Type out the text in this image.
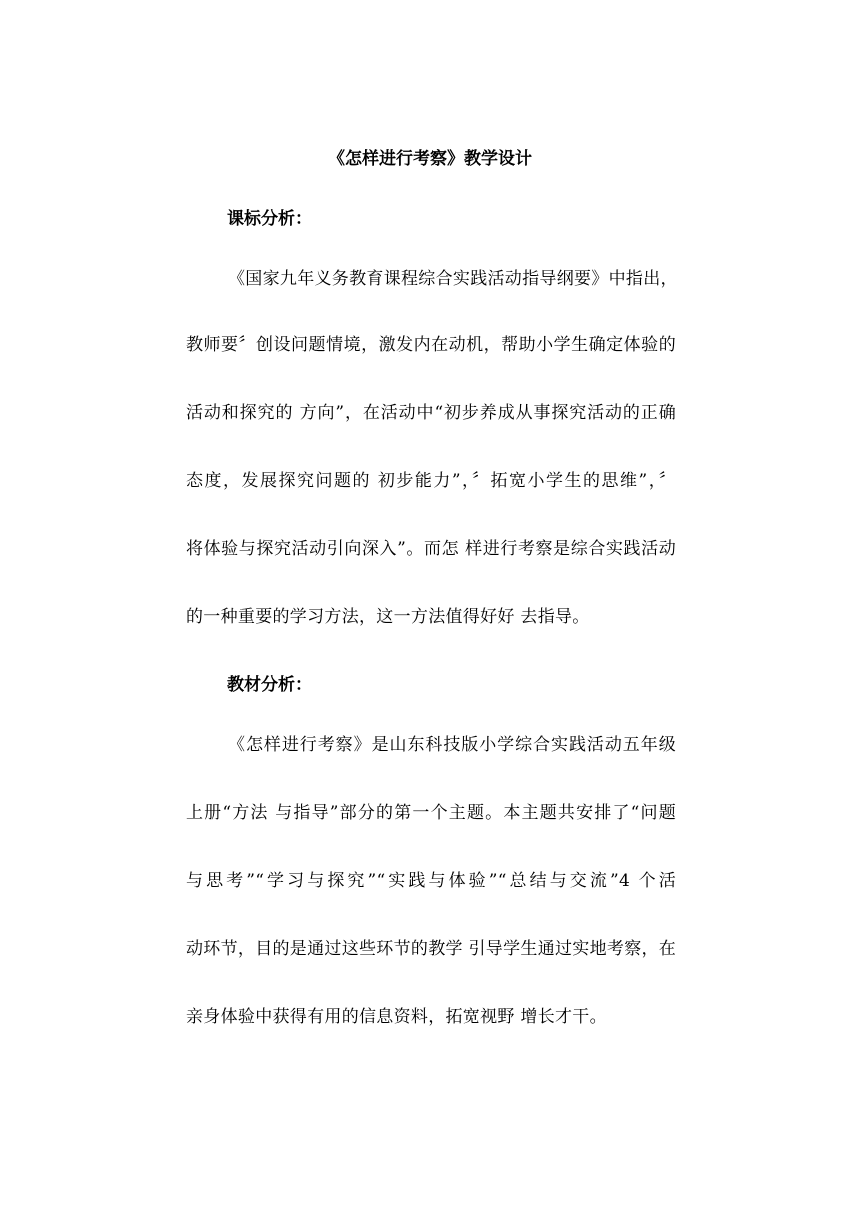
《怎样进行考察》教学设计
课标分析：
《国家九年义务教育课程综合实践活动指导纲要》中指出，
教师要〞创设问题情境，激发内在动机，帮助小学生确定体验的
活动和探究的 方向”，在活动中“初步养成从事探究活动的正确
态度，发展探究问题的 初步能力”，〞拓宽小学生的思维”，〞
将体验与探究活动引向深入”。而怎 样进行考察是综合实践活动
的一种重要的学习方法，这一方法值得好好 去指导。
教材分析：
《怎样进行考察》是山东科技版小学综合实践活动五年级
上册“方法 与指导”部分的第一个主题。本主题共安排了“问题
与思考”“学习与探究”“实践与体验”“总结与交流”4 个活
动环节，目的是通过这些环节的教学 引导学生通过实地考察，在
亲身体验中获得有用的信息资料，拓宽视野 增长才干。
